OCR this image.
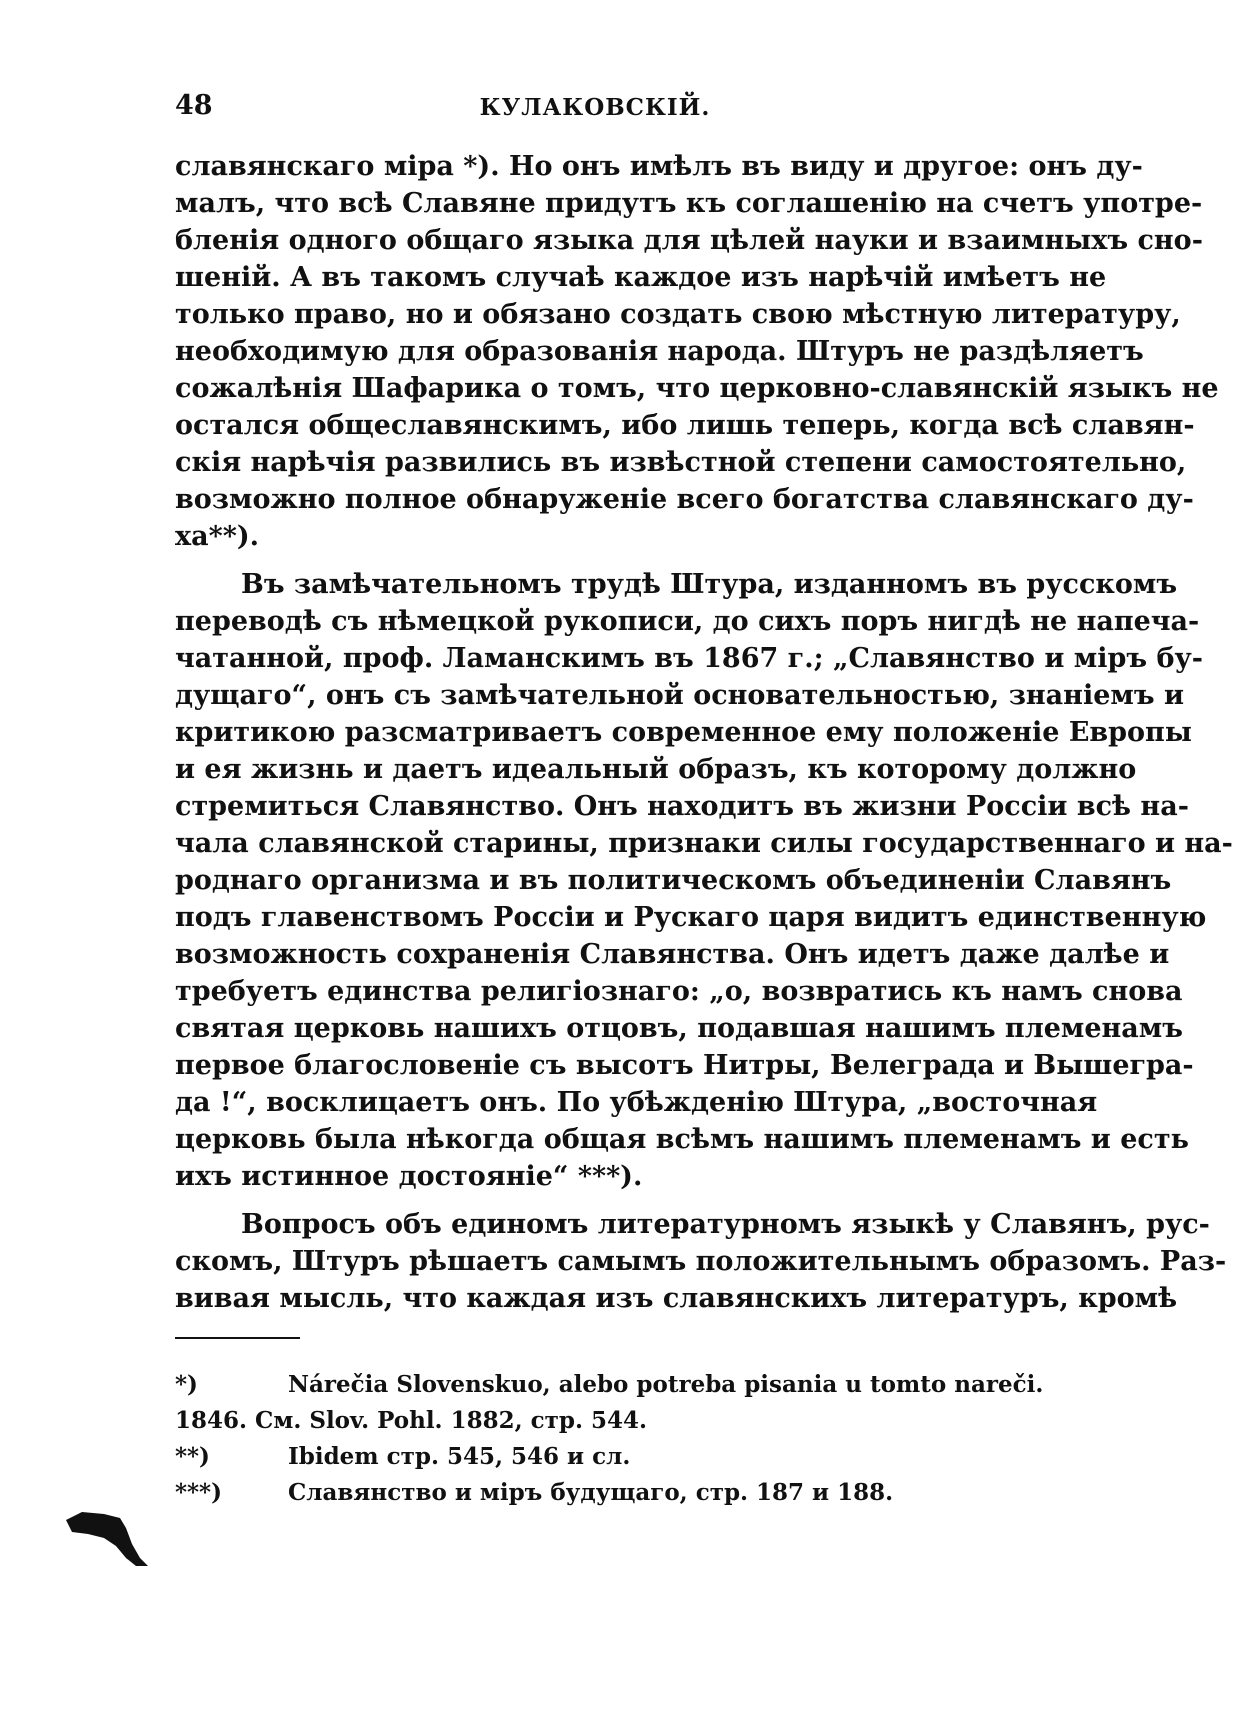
48	КУЛАКОВСКІЙ.
славянскаго міра *). Но онъ имѣлъ въ виду и другое: онъ ду-
малъ, что всѣ Славяне придутъ къ соглашенію на счетъ употре-
бленія одного общаго языка для цѣлей науки и взаимныхъ сно-
шеній. А въ такомъ случаѣ каждое изъ нарѣчій имѣетъ не
только право, но и обязано создать свою мѣстную литературу,
необходимую для образованія народа. Штуръ не раздѣляетъ
сожалѣнія Шафарика о томъ, что церковно-славянскій языкъ не
остался общеславянскимъ, ибо лишь теперь, когда всѣ славян-
скія нарѣчія развились въ извѣстной степени самостоятельно,
возможно полное обнаруженіе всего богатства славянскаго ду-
ха**).
Въ замѣчательномъ трудѣ Штура, изданномъ въ русскомъ
переводѣ съ нѣмецкой рукописи, до сихъ поръ нигдѣ не напеча-
чатанной, проф. Ламанскимъ въ 1867 г.; „Славянство и міръ бу-
дущаго“, онъ съ замѣчательной основательностью, знаніемъ и
критикою разсматриваетъ современное ему положеніе Европы
и ея жизнь и даетъ идеальный образъ, къ которому должно
стремиться Славянство. Онъ находитъ въ жизни Россіи всѣ на-
чала славянской старины, признаки силы государственнаго и на-
роднаго организма и въ политическомъ объединеніи Славянъ
подъ главенствомъ Россіи и Рускаго царя видитъ единственную
возможность сохраненія Славянства. Онъ идетъ даже далѣе и
требуетъ единства религіознаго: „о, возвратись къ намъ снова
святая церковь нашихъ отцовъ, подавшая нашимъ племенамъ
первое благословеніе съ высотъ Нитры, Велеграда и Вышегра-
да !“, восклицаетъ онъ. По убѣжденію Штура, „восточная
церковь была нѣкогда общая всѣмъ нашимъ племенамъ и есть
ихъ истинное достояніе“ ***).
Вопросъ объ единомъ литературномъ языкѣ у Славянъ, рус-
скомъ, Штуръ рѣшаетъ самымъ положительнымъ образомъ. Раз-
вивая мысль, что каждая изъ славянскихъ литературъ, кромѣ
*)	Nárečia Slovenskuo, alebo potreba pisania u tomto nareči.
1846. См. Slov. Pohl. 1882, стр. 544.
**)	Ibidem стр. 545, 546 и сл.
***)	Славянство и міръ будущаго, стр. 187 и 188.
